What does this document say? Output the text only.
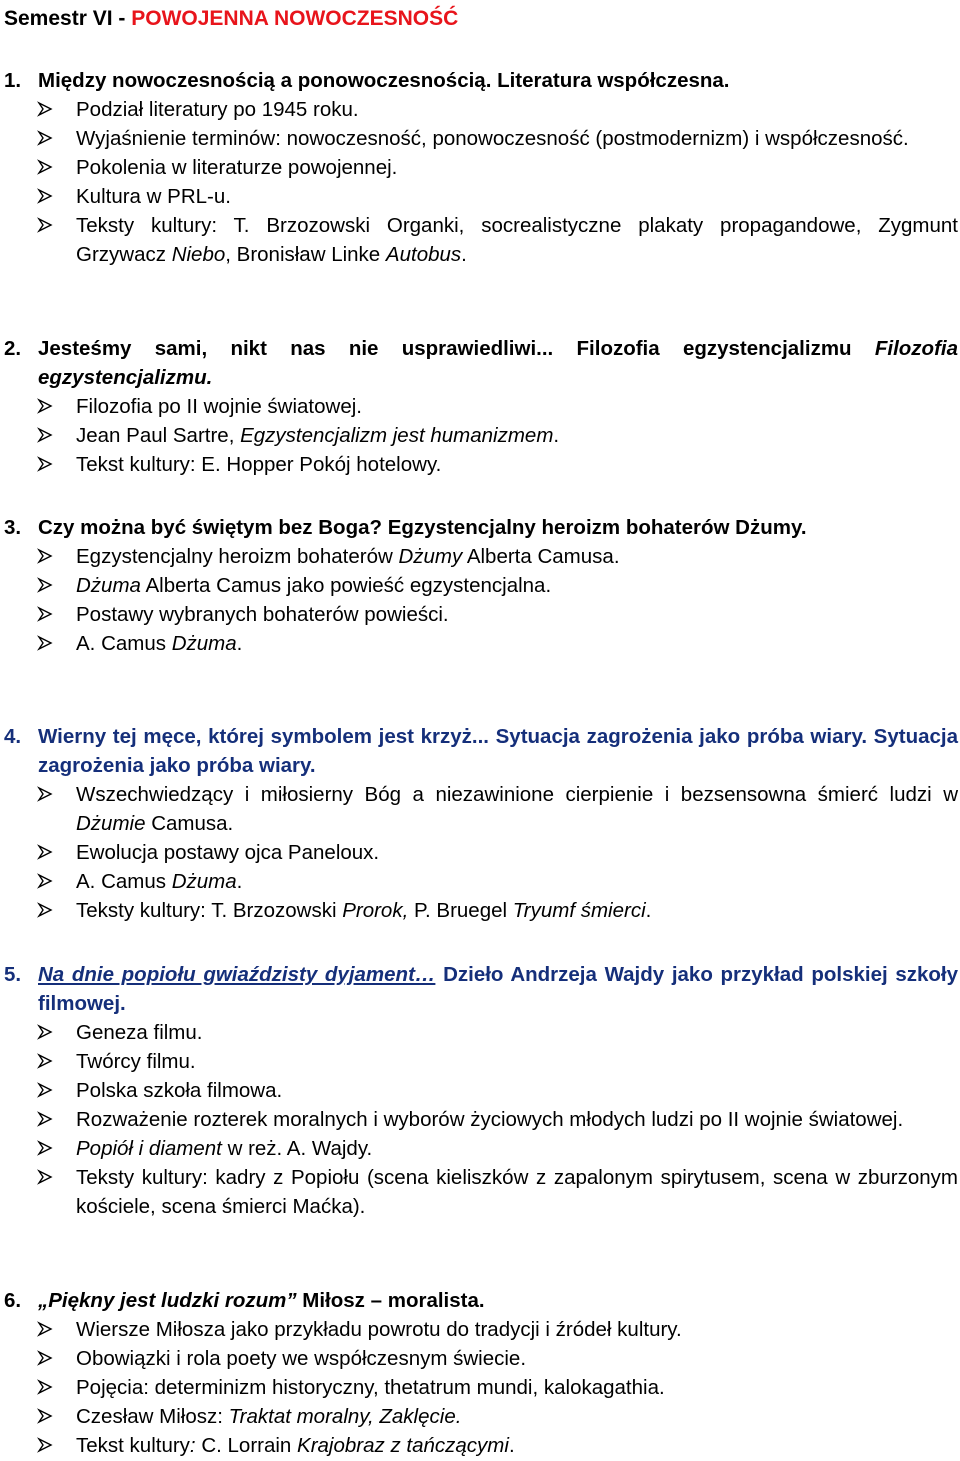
Semestr VI - POWOJENNA NOWOCZESNOŚĆ
1 . Między nowoczesnością a ponowoczesnością. Literatura współczesna.
Podział literatury po 1945 roku.
Wyjaśnienie terminów: nowoczesność, ponowoczesność (postmodernizm) i współczesność.
Pokolenia w literaturze powojennej.
Kultura w PRL-u.
Teksty kultury: T. Brzozowski Organki, socrealistyczne plakaty propagandowe, Zygmunt Grzywacz Niebo, Bronisław Linke Autobus.
2 . Jesteśmy sami, nikt nas nie usprawiedliwi... Filozofia egzystencjalizmu Filozofia egzystencjalizmu.
Filozofia po II wojnie światowej.
Jean Paul Sartre, Egzystencjalizm jest humanizmem.
Tekst kultury: E. Hopper Pokój hotelowy.
3 . Czy można być świętym bez Boga? Egzystencjalny heroizm bohaterów Dżumy.
Egzystencjalny heroizm bohaterów Dżumy Alberta Camusa.
Dżuma Alberta Camus jako powieść egzystencjalna.
Postawy wybranych bohaterów powieści.
A. Camus Dżuma.
4 . Wierny tej męce, której symbolem jest krzyż... Sytuacja zagrożenia jako próba wiary. Sytuacja zagrożenia jako próba wiary.
Wszechwiedzący i miłosierny Bóg a niezawinione cierpienie i bezsensowna śmierć ludzi w Dżumie Camusa.
Ewolucja postawy ojca Paneloux.
A. Camus Dżuma.
Teksty kultury: T. Brzozowski Prorok, P. Bruegel Tryumf śmierci.
5 . Na dnie popiołu gwiaździsty dyjament… Dzieło Andrzeja Wajdy jako przykład polskiej szkoły filmowej.
Geneza filmu.
Twórcy filmu.
Polska szkoła filmowa.
Rozważenie rozterek moralnych i wyborów życiowych młodych ludzi po II wojnie światowej.
Popiół i diament w reż. A. Wajdy.
Teksty kultury: kadry z Popiołu (scena kieliszków z zapalonym spirytusem, scena w zburzonym kościele, scena śmierci Maćka).
6 . „Piękny jest ludzki rozum” Miłosz – moralista.
Wiersze Miłosza jako przykładu powrotu do tradycji i źródeł kultury.
Obowiązki i rola poety we współczesnym świecie.
Pojęcia: determinizm historyczny, thetatrum mundi, kalokagathia.
Czesław Miłosz: Traktat moralny, Zaklęcie.
Tekst kultury: C. Lorrain Krajobraz z tańczącymi.
